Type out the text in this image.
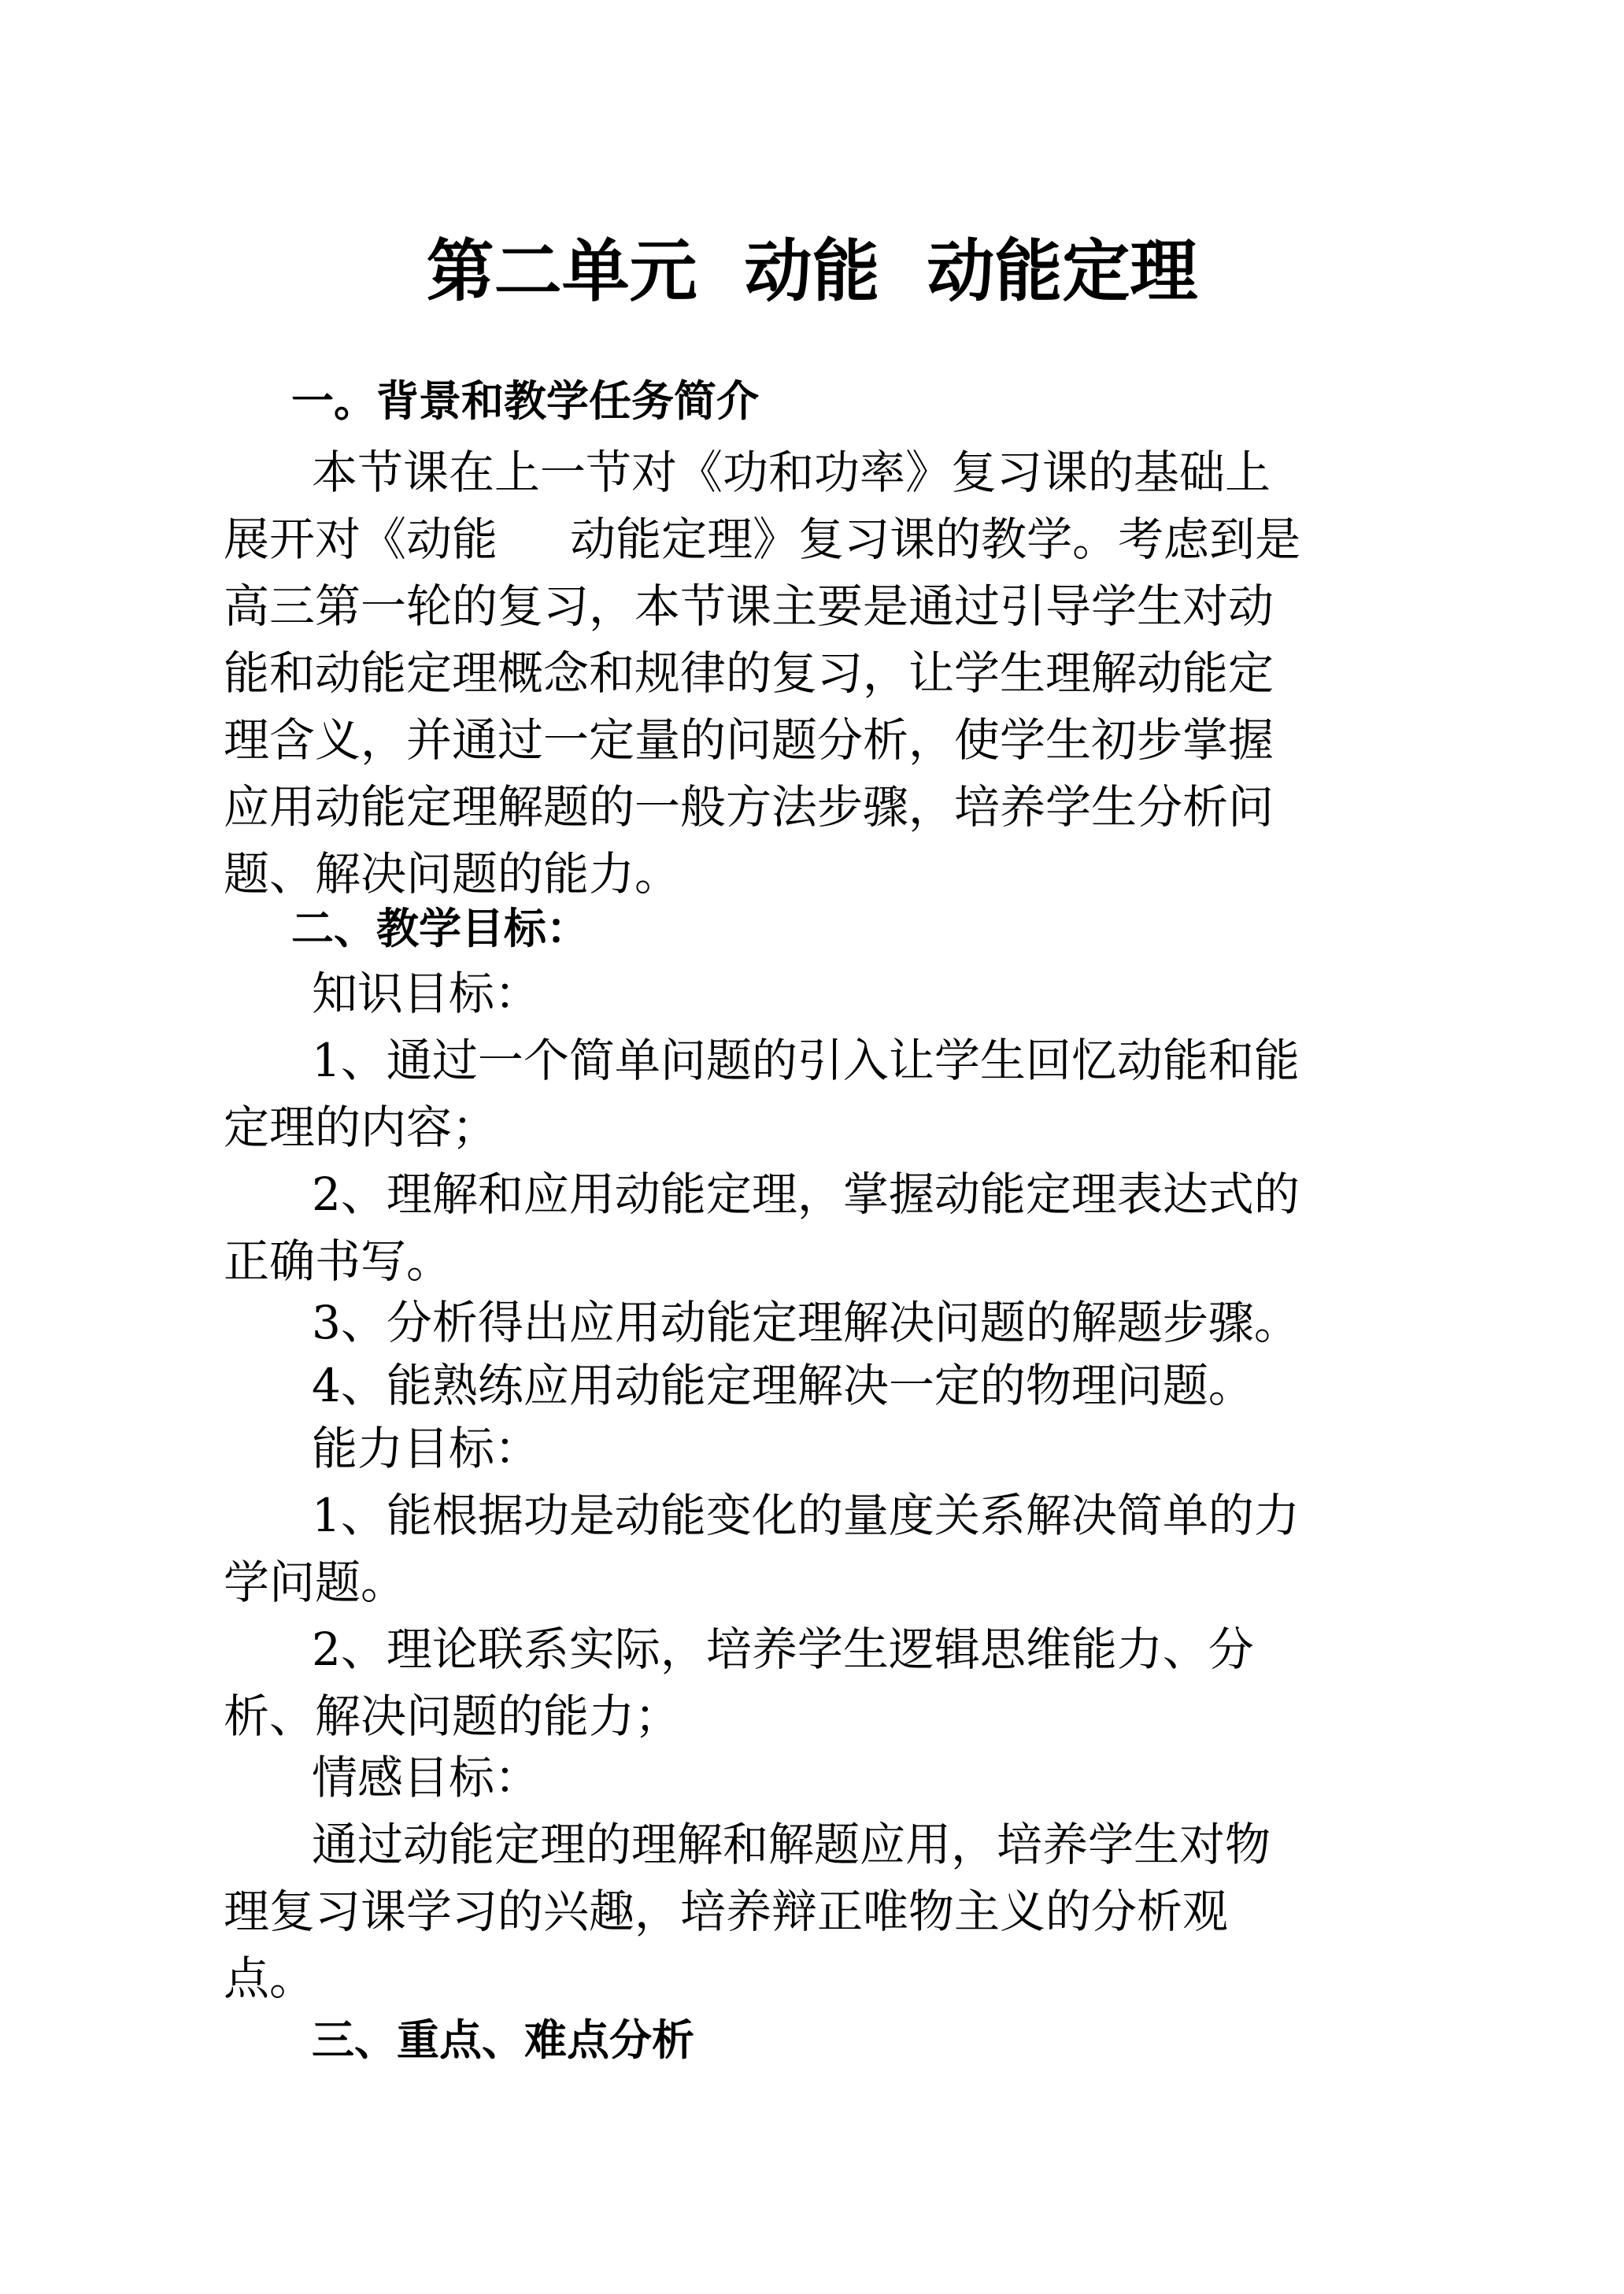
第二单元  动能  动能定理
一。背景和教学任务简介
本节课在上一节对《功和功率》复习课的基础上
展开对《动能     动能定理》复习课的教学。考虑到是
高三第一轮的复习，本节课主要是通过引导学生对动
能和动能定理概念和规律的复习，让学生理解动能定
理含义，并通过一定量的问题分析，使学生初步掌握
应用动能定理解题的一般方法步骤，培养学生分析问
题、解决问题的能力。
二、教学目标：
知识目标：
1、通过一个简单问题的引入让学生回忆动能和能
定理的内容；
2、理解和应用动能定理，掌握动能定理表达式的
正确书写。
3、分析得出应用动能定理解决问题的解题步骤。
4、能熟练应用动能定理解决一定的物理问题。
能力目标：
1、能根据功是动能变化的量度关系解决简单的力
学问题。
2、理论联系实际，培养学生逻辑思维能力、分
析、解决问题的能力；
情感目标：
通过动能定理的理解和解题应用，培养学生对物
理复习课学习的兴趣，培养辩正唯物主义的分析观
点。
三、重点、难点分析
